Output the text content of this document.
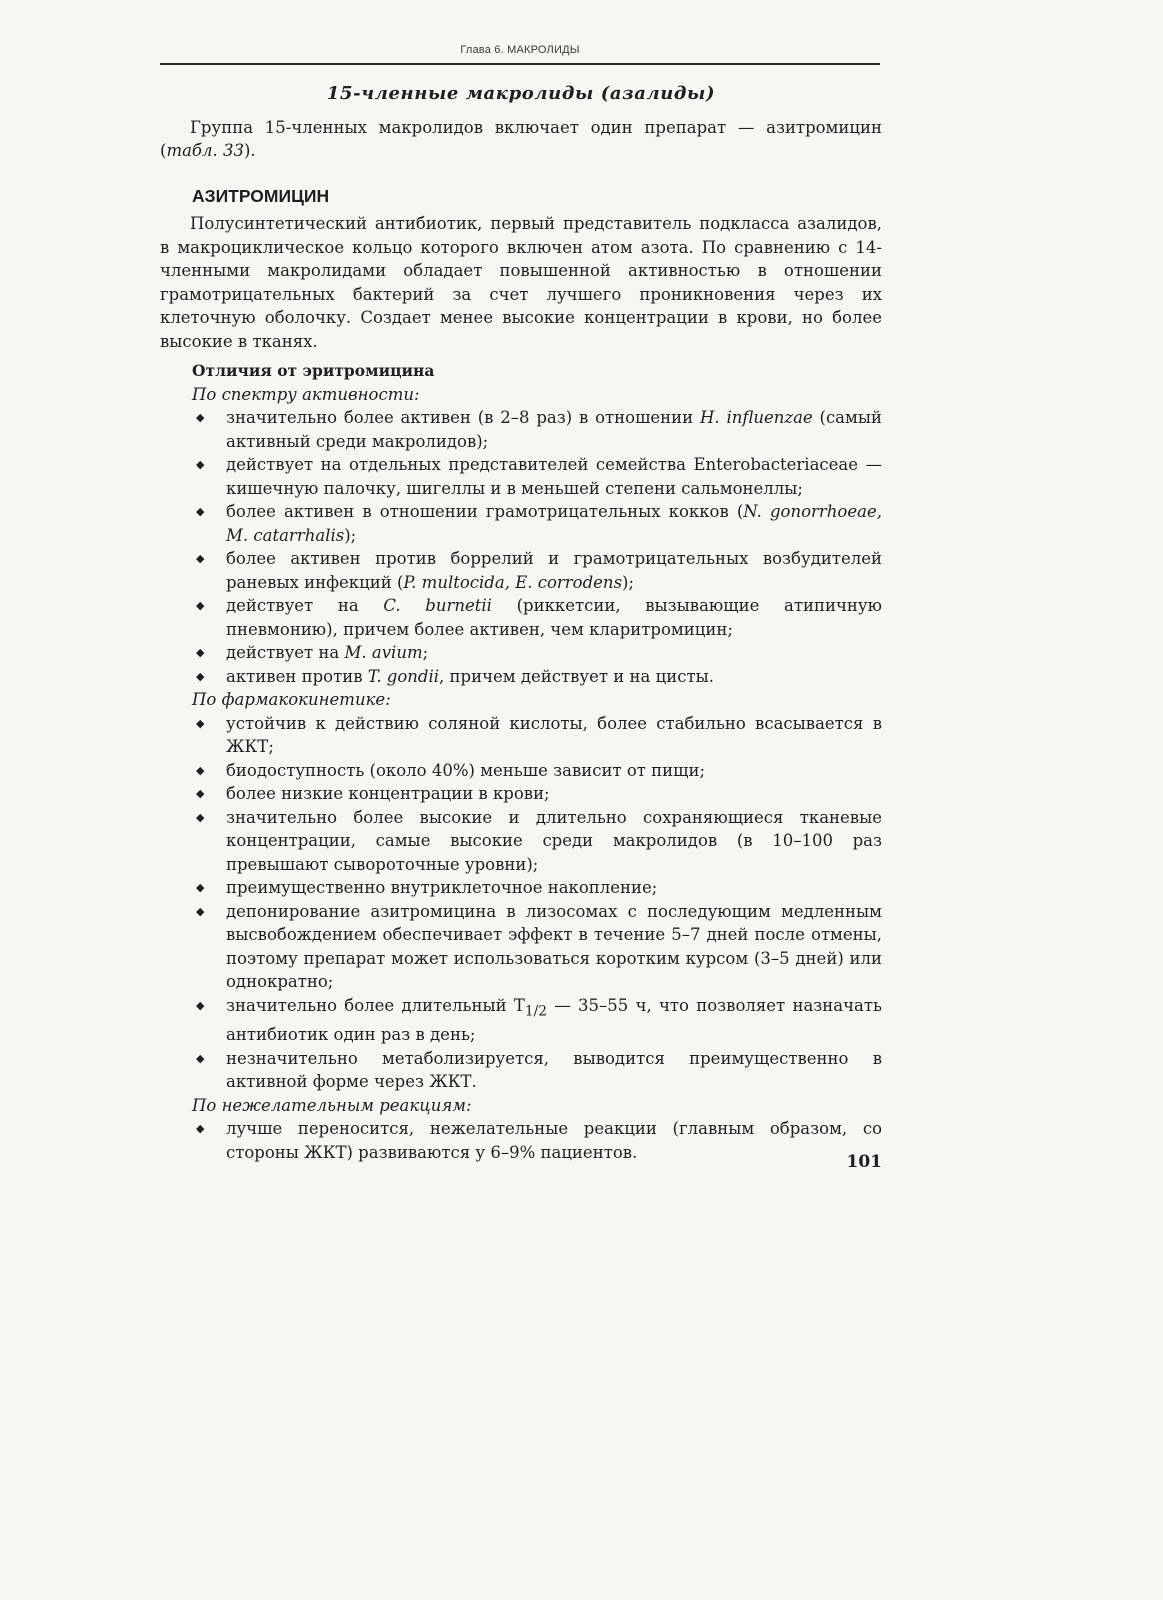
Глава 6. МАКРОЛИДЫ
15-членные макролиды (азалиды)

Группа 15-членных макролидов включает один препарат — азитромицин (табл. 33).

АЗИТРОМИЦИН

Полусинтетический антибиотик, первый представитель подкласса азалидов, в макроциклическое кольцо которого включен атом азота. По сравнению с 14-членными макролидами обладает повышенной активностью в отношении грамотрицательных бактерий за счет лучшего проникновения через их клеточную оболочку. Создает менее высокие концентрации в крови, но более высокие в тканях.

Отличия от эритромицина
По спектру активности:
◆ значительно более активен (в 2–8 раз) в отношении H. influenzae (самый активный среди макролидов);
◆ действует на отдельных представителей семейства Enterobacteriaceae — кишечную палочку, шигеллы и в меньшей степени сальмонеллы;
◆ более активен в отношении грамотрицательных кокков (N. gonorrhoeae, M. catarrhalis);
◆ более активен против боррелий и грамотрицательных возбудителей раневых инфекций (P. multocida, E. corrodens);
◆ действует на C. burnetii (риккетсии, вызывающие атипичную пневмонию), причем более активен, чем кларитромицин;
◆ действует на M. avium;
◆ активен против T. gondii, причем действует и на цисты.
По фармакокинетике:
◆ устойчив к действию соляной кислоты, более стабильно всасывается в ЖКТ;
◆ биодоступность (около 40%) меньше зависит от пищи;
◆ более низкие концентрации в крови;
◆ значительно более высокие и длительно сохраняющиеся тканевые концентрации, самые высокие среди макролидов (в 10–100 раз превышают сывороточные уровни);
◆ преимущественно внутриклеточное накопление;
◆ депонирование азитромицина в лизосомах с последующим медленным высвобождением обеспечивает эффект в течение 5–7 дней после отмены, поэтому препарат может использоваться коротким курсом (3–5 дней) или однократно;
◆ значительно более длительный $T_{1/2}$ — 35–55 ч, что позволяет назначать антибиотик один раз в день;
◆ незначительно метаболизируется, выводится преимущественно в активной форме через ЖКТ.
По нежелательным реакциям:
◆ лучше переносится, нежелательные реакции (главным образом, со стороны ЖКТ) развиваются у 6–9% пациентов.	101
